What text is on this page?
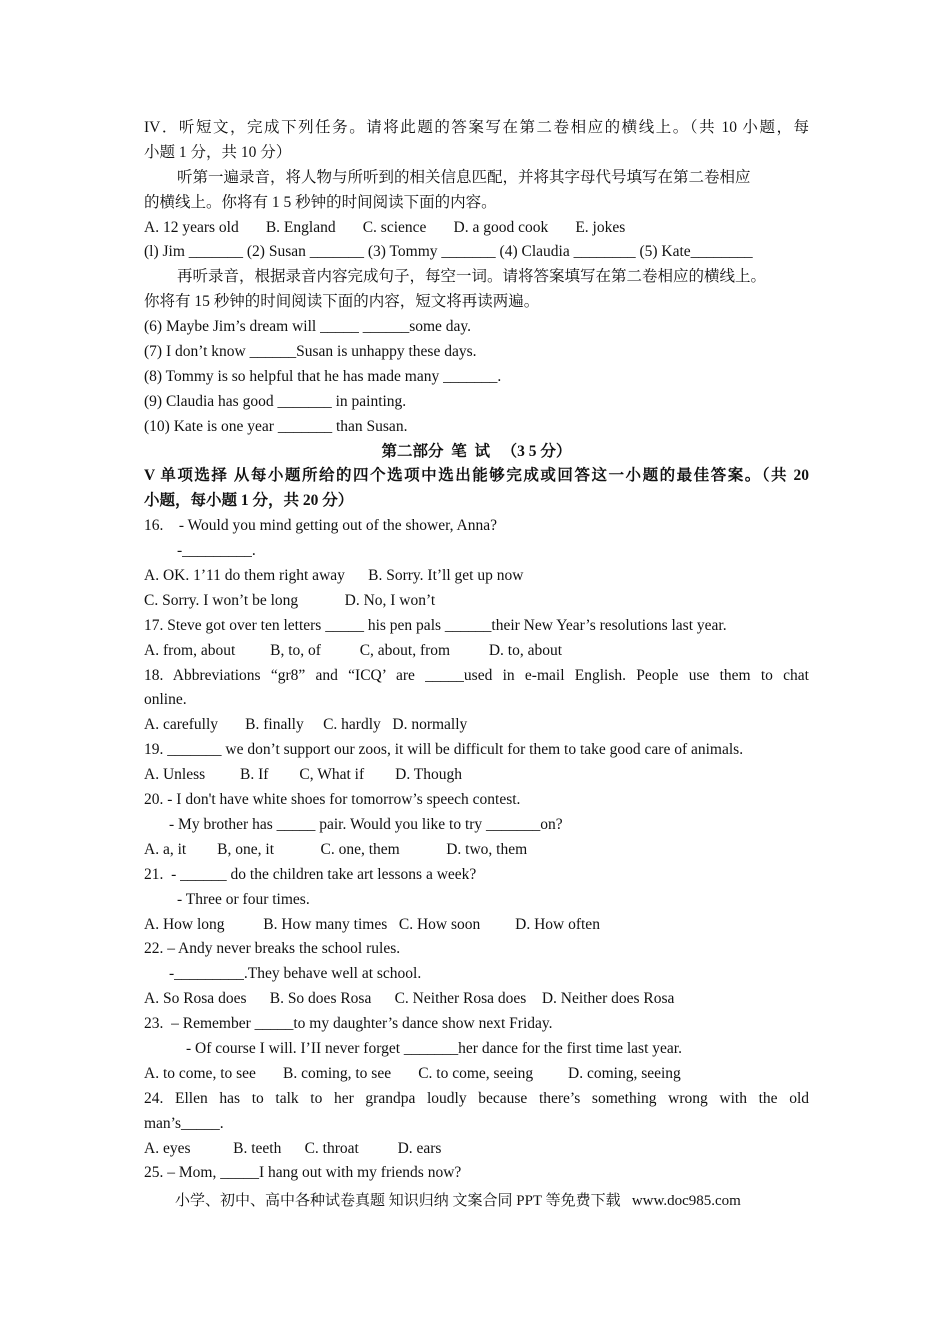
IV．听短文，完成下列任务。请将此题的答案写在第二卷相应的横线上。（共 10 小题，每
小题 1 分，共 10 分）
听第一遍录音，将人物与所听到的相关信息匹配，并将其字母代号填写在第二卷相应
的横线上。你将有 1 5 秒钟的时间阅读下面的内容。
A. 12 years old       B. England       C. science       D. a good cook       E. jokes
(l) Jim _______ (2) Susan _______ (3) Tommy _______ (4) Claudia ________ (5) Kate________
再听录音，根据录音内容完成句子，每空一词。请将答案填写在第二卷相应的横线上。
你将有 15 秒钟的时间阅读下面的内容，短文将再读两遍。
(6) Maybe Jim’s dream will _____ ______some day.
(7) I don’t know ______Susan is unhappy these days.
(8) Tommy is so helpful that he has made many _______.
(9) Claudia has good _______ in painting.
(10) Kate is one year _______ than Susan.
第二部分  笔  试   （3 5 分）
V 单项选择 从每小题所给的四个选项中选出能够完成或回答这一小题的最佳答案。（共 20
小题，每小题 1 分，共 20 分）
16.    - Would you mind getting out of the shower, Anna?
-_________.
A. OK. 1’11 do them right away      B. Sorry. It’ll get up now
C. Sorry. I won’t be long            D. No, I won’t
17. Steve got over ten letters _____ his pen pals ______their New Year’s resolutions last year.
A. from, about         B, to, of          C, about, from          D. to, about
18. Abbreviations “gr8” and “ICQ’ are _____used in e-mail English. People use them to chat
online.
A. carefully       B. finally     C. hardly   D. normally
19. _______ we don’t support our zoos, it will be difficult for them to take good care of animals.
A. Unless         B. If        C, What if        D. Though
20. - I don't have white shoes for tomorrow’s speech contest.
- My brother has _____ pair. Would you like to try _______on?
A. a, it        B, one, it            C. one, them            D. two, them
21.  - ______ do the children take art lessons a week?
- Three or four times.
A. How long          B. How many times   C. How soon         D. How often
22. – Andy never breaks the school rules.
-_________.They behave well at school.
A. So Rosa does      B. So does Rosa      C. Neither Rosa does    D. Neither does Rosa
23.  – Remember _____to my daughter’s dance show next Friday.
- Of course I will. I’II never forget _______her dance for the first time last year.
A. to come, to see       B. coming, to see       C. to come, seeing         D. coming, seeing
24. Ellen has to talk to her grandpa loudly because there’s something wrong with the old
man’s_____.
A. eyes           B. teeth      C. throat          D. ears
25. – Mom, _____I hang out with my friends now?
小学、初中、高中各种试卷真题 知识归纳 文案合同 PPT 等免费下载   www.doc985.com
